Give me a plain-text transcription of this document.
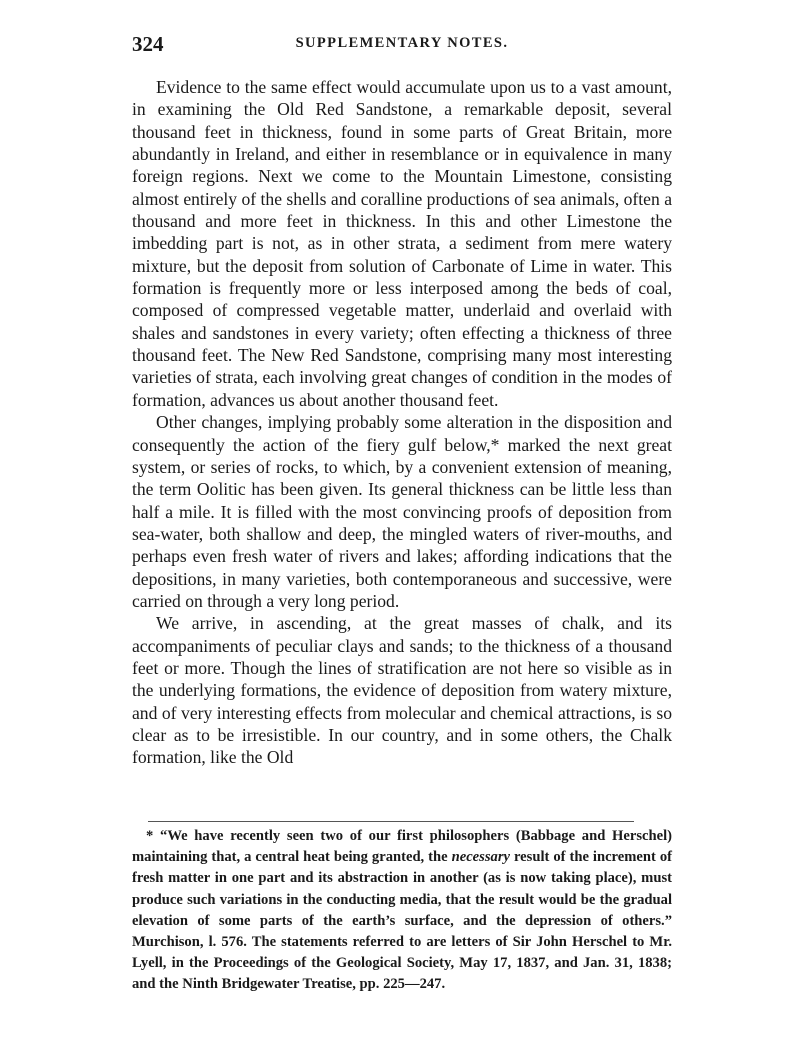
324	SUPPLEMENTARY NOTES.

Evidence to the same effect would accumulate upon us to a vast amount, in examining the Old Red Sandstone, a remarkable deposit, several thousand feet in thickness, found in some parts of Great Britain, more abundantly in Ireland, and either in resemblance or in equivalence in many foreign regions. Next we come to the Mountain Limestone, consisting almost entirely of the shells and coralline productions of sea animals, often a thousand and more feet in thickness. In this and other Limestone the imbedding part is not, as in other strata, a sediment from mere watery mixture, but the deposit from solution of Carbonate of Lime in water. This formation is frequently more or less interposed among the beds of coal, composed of compressed vegetable matter, underlaid and overlaid with shales and sandstones in every variety; often effecting a thickness of three thousand feet. The New Red Sandstone, comprising many most interesting varieties of strata, each involving great changes of condition in the modes of formation, advances us about another thousand feet.

Other changes, implying probably some alteration in the disposition and consequently the action of the fiery gulf below,* marked the next great system, or series of rocks, to which, by a convenient extension of meaning, the term Oolitic has been given. Its general thickness can be little less than half a mile. It is filled with the most convincing proofs of deposition from sea-water, both shallow and deep, the mingled waters of river-mouths, and perhaps even fresh water of rivers and lakes; affording indications that the depositions, in many varieties, both contemporaneous and successive, were carried on through a very long period.

We arrive, in ascending, at the great masses of chalk, and its accompaniments of peculiar clays and sands; to the thickness of a thousand feet or more. Though the lines of stratification are not here so visible as in the underlying formations, the evidence of deposition from watery mixture, and of very interesting effects from molecular and chemical attractions, is so clear as to be irresistible. In our country, and in some others, the Chalk formation, like the Old

* “We have recently seen two of our first philosophers (Babbage and Herschel) maintaining that, a central heat being granted, the necessary result of the increment of fresh matter in one part and its abstraction in another (as is now taking place), must produce such variations in the conducting media, that the result would be the gradual elevation of some parts of the earth’s surface, and the depression of others.” Murchison, l. 576. The statements referred to are letters of Sir John Herschel to Mr. Lyell, in the Proceedings of the Geological Society, May 17, 1837, and Jan. 31, 1838; and the Ninth Bridgewater Treatise, pp. 225—247.
